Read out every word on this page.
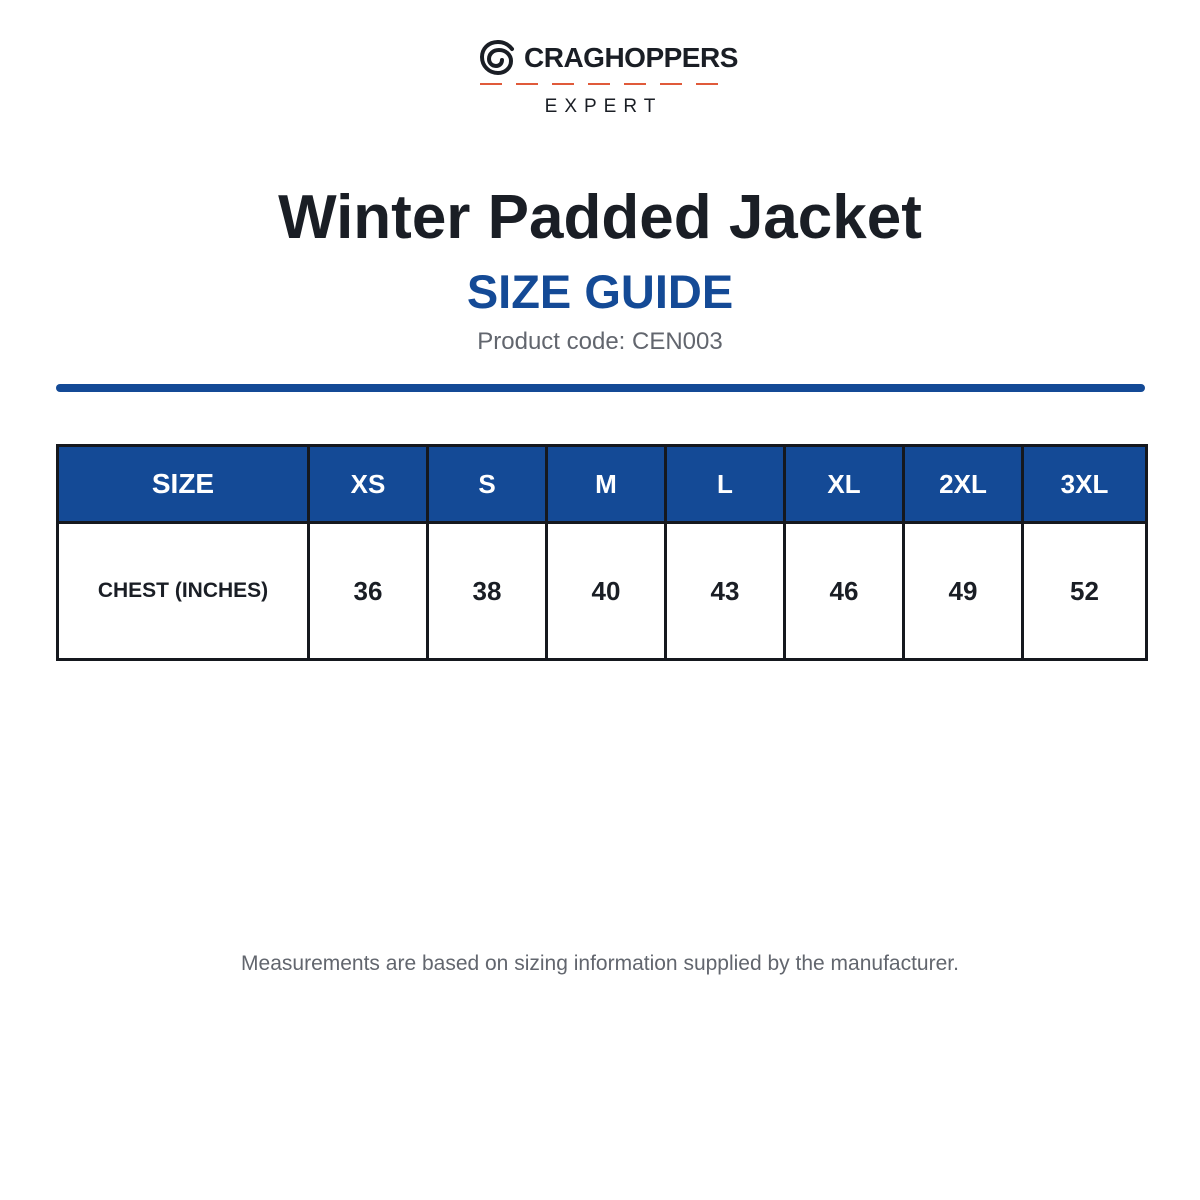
CRAGHOPPERS
EXPERT
Winter Padded Jacket
SIZE GUIDE

Product code: CEN003

SIZE	XS	S	M	L	XL	2XL	3XL
CHEST (INCHES)	36	38	40	43	46	49	52

Measurements are based on sizing information supplied by the manufacturer.
